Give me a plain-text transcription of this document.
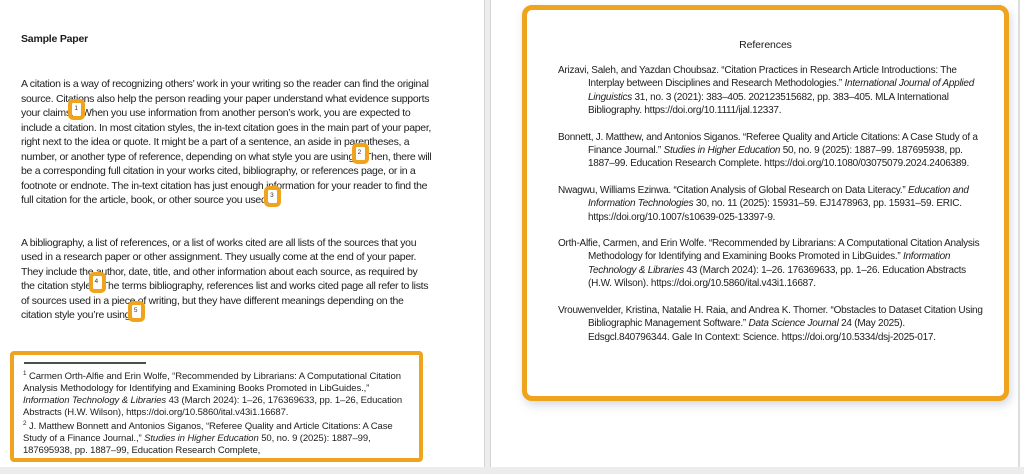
Sample Paper

A citation is a way of recognizing others’ work in your writing so the reader can find the original source. Citations also help the person reading your paper understand what evidence supports your claims. 1 When you use information from another person’s work, you are expected to include a citation. In most citation styles, the in-text citation goes in the main part of your paper, right next to the idea or quote. It might be a part of a sentence, an aside in parentheses, a number, or another type of reference, depending on what style you are using. 2 Then, there will be a corresponding full citation in your works cited, bibliography, or references page, or in a footnote or endnote. The in-text citation has just enough information for your reader to find the full citation for the article, book, or other source you used. 3

A bibliography, a list of references, or a list of works cited are all lists of the sources that you used in a research paper or other assignment. They usually come at the end of your paper. They include the author, date, title, and other information about each source, as required by the citation style. 4 The terms bibliography, references list and works cited page all refer to lists of sources used in a piece of writing, but they have different meanings depending on the citation style you’re using. 5

$^1$ Carmen Orth-Alfie and Erin Wolfe, “Recommended by Librarians: A Computational Citation Analysis Methodology for Identifying and Examining Books Promoted in LibGuides.,” Information Technology & Libraries 43 (March 2024): 1–26, 176369633, pp. 1–26, Education Abstracts (H.W. Wilson), https://doi.org/10.5860/ital.v43i1.16687.
$^2$ J. Matthew Bonnett and Antonios Siganos, “Referee Quality and Article Citations: A Case Study of a Finance Journal.,” Studies in Higher Education 50, no. 9 (2025): 1887–99, 187695938, pp. 1887–99, Education Research Complete,
References
Arizavi, Saleh, and Yazdan Choubsaz. “Citation Practices in Research Article Introductions: The Interplay between Disciplines and Research Methodologies.” International Journal of Applied Linguistics 31, no. 3 (2021): 383–405. 202123515682, pp. 383–405. MLA International Bibliography. https://doi.org/10.1111/ijal.12337.
Bonnett, J. Matthew, and Antonios Siganos. “Referee Quality and Article Citations: A Case Study of a Finance Journal.” Studies in Higher Education 50, no. 9 (2025): 1887–99. 187695938, pp. 1887–99. Education Research Complete. https://doi.org/10.1080/03075079.2024.2406389.
Nwagwu, Williams Ezinwa. “Citation Analysis of Global Research on Data Literacy.” Education and Information Technologies 30, no. 11 (2025): 15931–59. EJ1478963, pp. 15931–59. ERIC. https://doi.org/10.1007/s10639-025-13397-9.
Orth-Alfie, Carmen, and Erin Wolfe. “Recommended by Librarians: A Computational Citation Analysis Methodology for Identifying and Examining Books Promoted in LibGuides.” Information Technology & Libraries 43 (March 2024): 1–26. 176369633, pp. 1–26. Education Abstracts (H.W. Wilson). https://doi.org/10.5860/ital.v43i1.16687.
Vrouwenvelder, Kristina, Natalie H. Raia, and Andrea K. Thomer. “Obstacles to Dataset Citation Using Bibliographic Management Software.” Data Science Journal 24 (May 2025). Edsgcl.840796344. Gale In Context: Science. https://doi.org/10.5334/dsj-2025-017.
